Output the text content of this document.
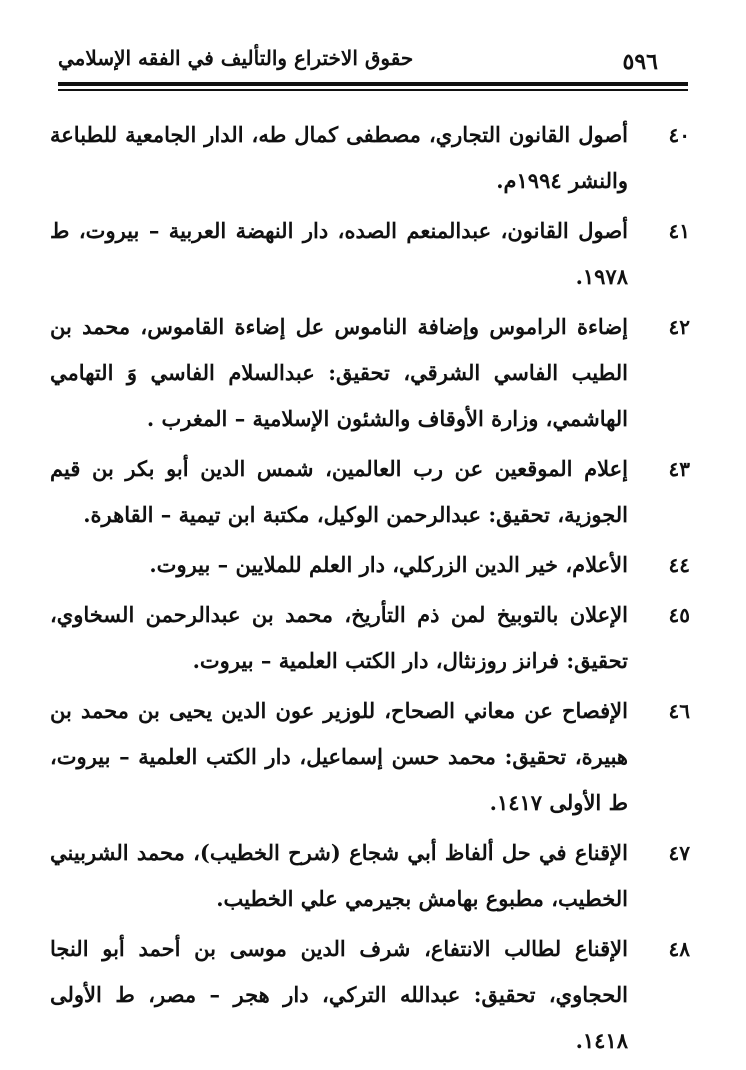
٥٩٦
حقوق الاختراع والتأليف في الفقه الإسلامي
٤٠
أصول القانون التجاري، مصطفى كمال طه، الدار الجامعية للطباعة والنشر ١٩٩٤م.
٤١
أصول القانون، عبدالمنعم الصده، دار النهضة العربية – بيروت، ط ١٩٧٨.
٤٢
إضاءة الراموس وإضافة الناموس عل إضاءة القاموس، محمد بن الطيب الفاسي الشرقي، تحقيق: عبدالسلام الفاسي وَ التهامي الهاشمي، وزارة الأوقاف والشئون الإسلامية – المغرب .
٤٣
إعلام الموقعين عن رب العالمين، شمس الدين أبو بكر بن قيم الجوزية، تحقيق: عبدالرحمن الوكيل، مكتبة ابن تيمية – القاهرة.
٤٤
الأعلام، خير الدين الزركلي، دار العلم للملايين – بيروت.
٤٥
الإعلان بالتوبيخ لمن ذم التأريخ، محمد بن عبدالرحمن السخاوي، تحقيق: فرانز روزنثال، دار الكتب العلمية – بيروت.
٤٦
الإفصاح عن معاني الصحاح، للوزير عون الدين يحيى بن محمد بن هبيرة، تحقيق: محمد حسن إسماعيل، دار الكتب العلمية – بيروت، ط الأولى ١٤١٧.
٤٧
الإقناع في حل ألفاظ أبي شجاع (شرح الخطيب)، محمد الشربيني الخطيب، مطبوع بهامش بجيرمي علي الخطيب.
٤٨
الإقناع لطالب الانتفاع، شرف الدين موسى بن أحمد أبو النجا الحجاوي، تحقيق: عبدالله التركي، دار هجر – مصر، ط الأولى ١٤١٨.
